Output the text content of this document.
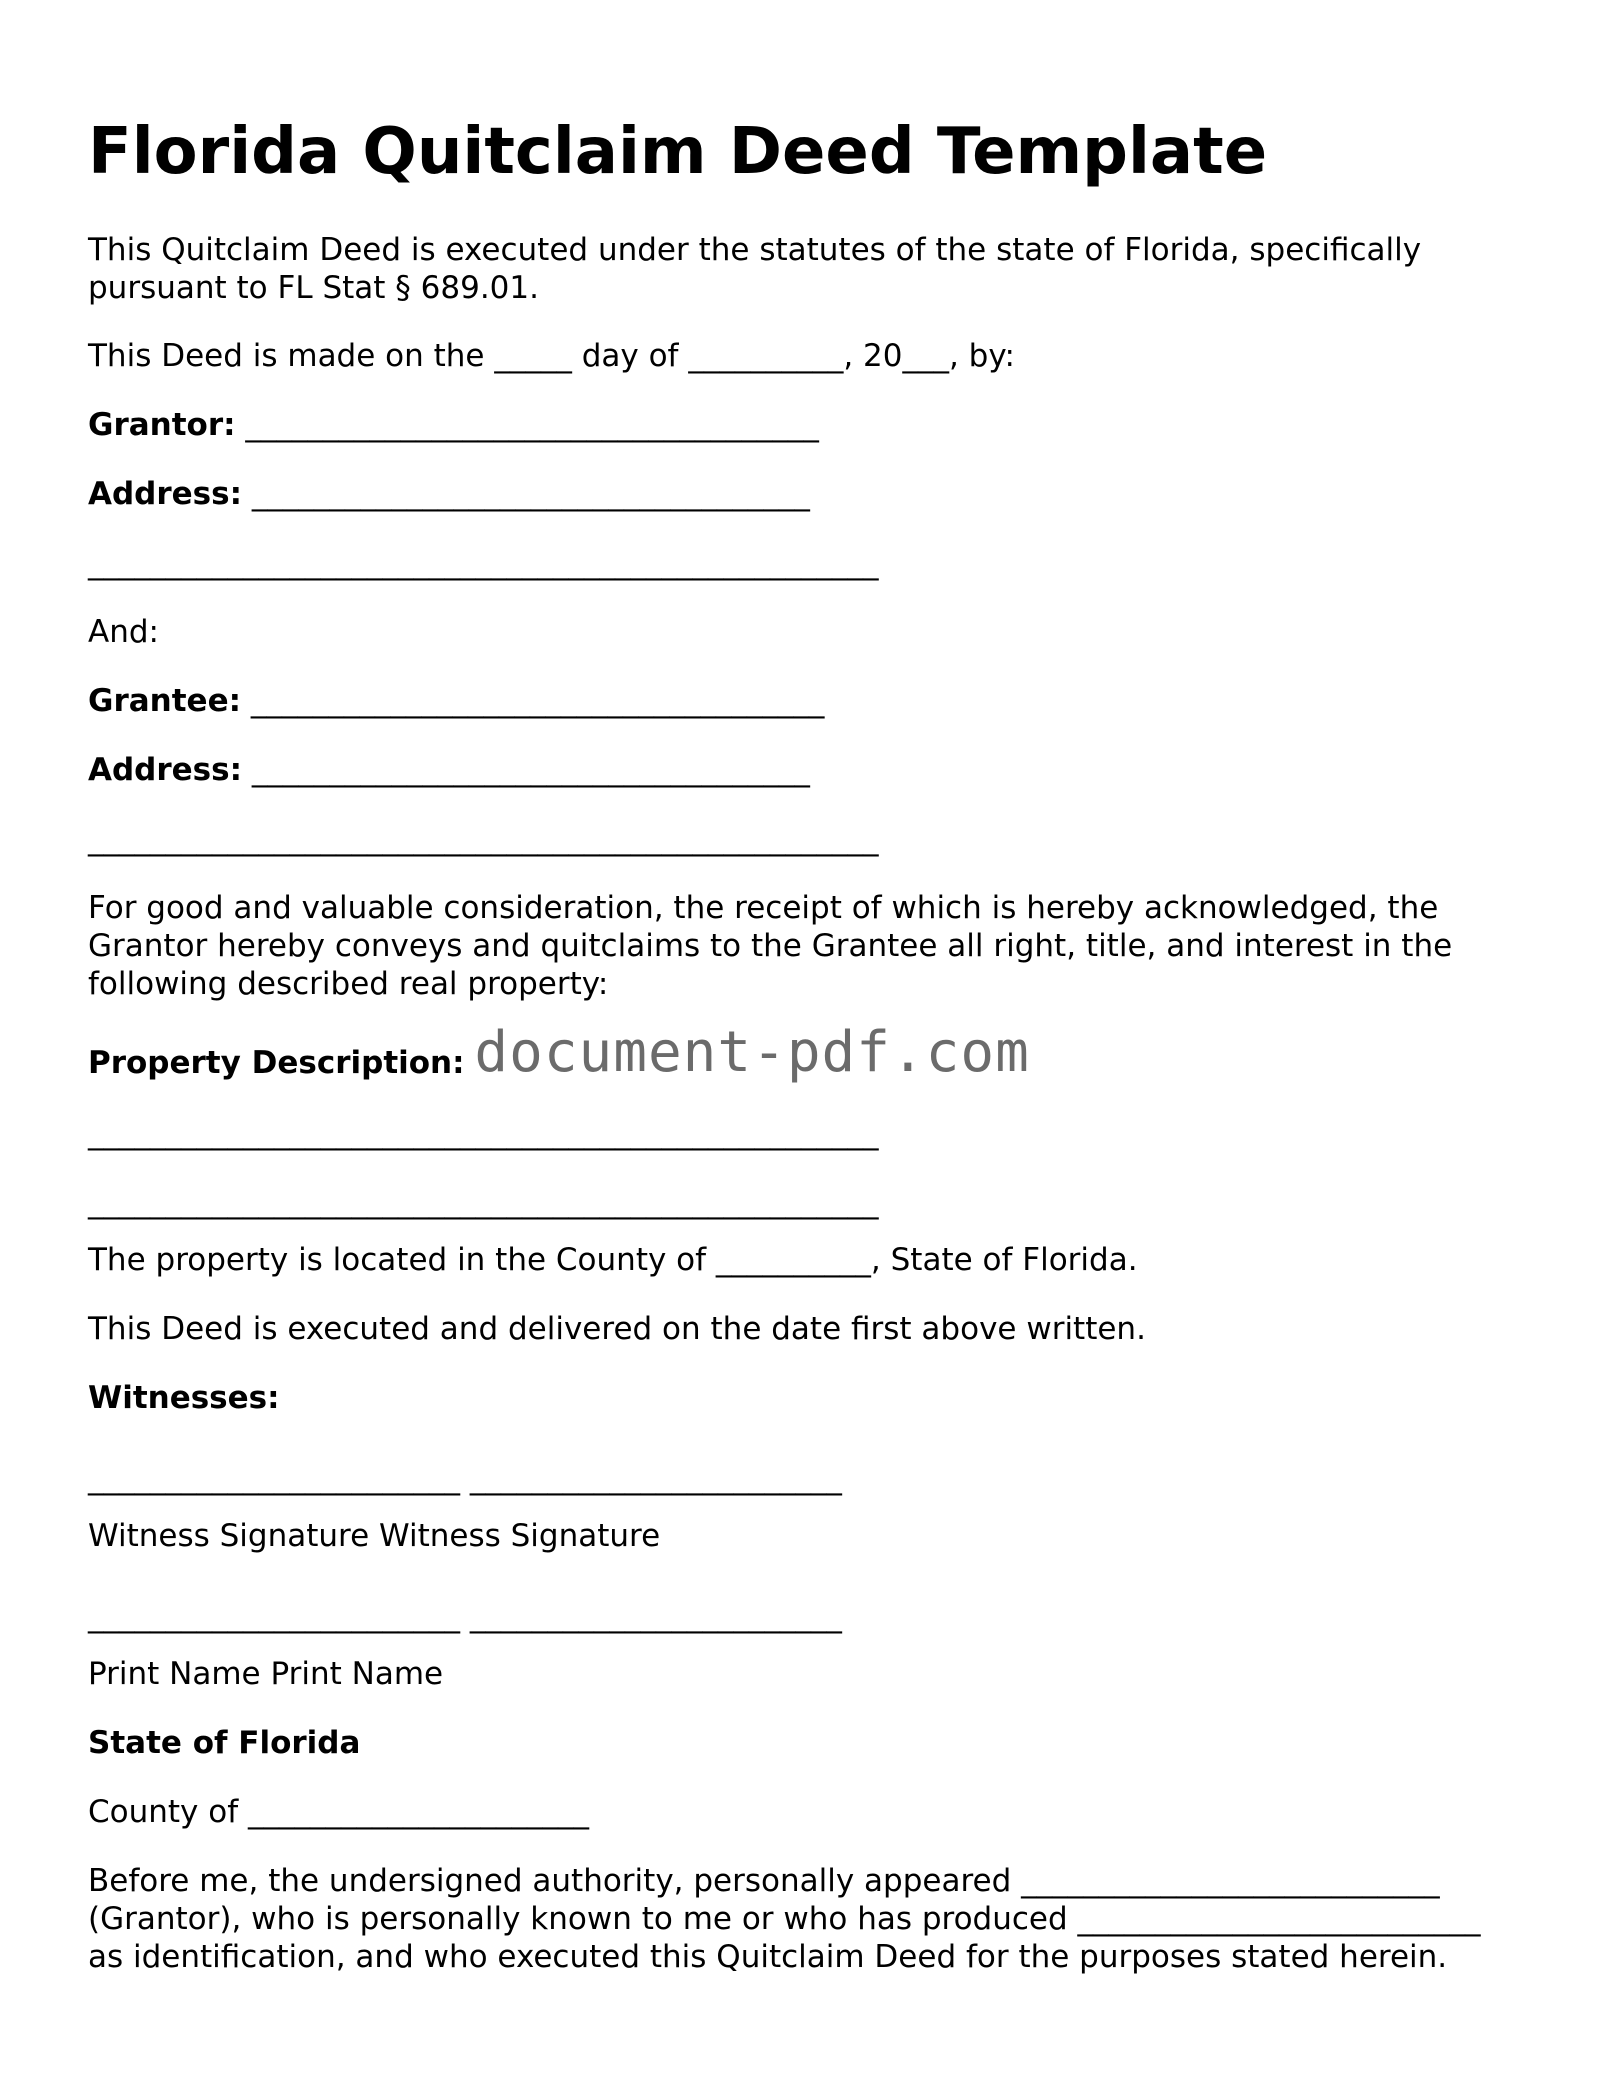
Florida Quitclaim Deed Template

This Quitclaim Deed is executed under the statutes of the state of Florida, specifically

pursuant to FL Stat § 689.01.

This Deed is made on the _____ day of __________, 20___, by:

Grantor: _____________________________________

Address: ____________________________________

___________________________________________________

And:

Grantee: _____________________________________

Address: ____________________________________

___________________________________________________

For good and valuable consideration, the receipt of which is hereby acknowledged, the

Grantor hereby conveys and quitclaims to the Grantee all right, title, and interest in the

following described real property:

Property Description: document-pdf.com

___________________________________________________

___________________________________________________

The property is located in the County of __________, State of Florida.

This Deed is executed and delivered on the date first above written.

Witnesses:

________________________ ________________________

Witness Signature Witness Signature

________________________ ________________________

Print Name Print Name

State of Florida

County of ______________________

Before me, the undersigned authority, personally appeared ___________________________

(Grantor), who is personally known to me or who has produced __________________________

as identification, and who executed this Quitclaim Deed for the purposes stated herein.
